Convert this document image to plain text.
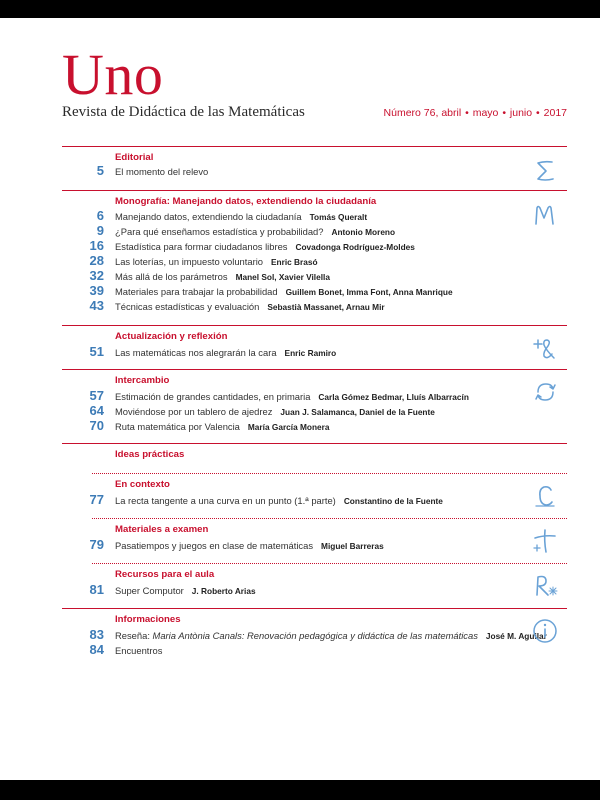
Uno
Revista de Didáctica de las Matemáticas	Número 76, abril • mayo • junio • 2017
Editorial
5 El momento del relevo
Monografía: Manejando datos, extendiendo la ciudadanía
6 Manejando datos, extendiendo la ciudadanía Tomás Queralt
9 ¿Para qué enseñamos estadística y probabilidad? Antonio Moreno
16 Estadística para formar ciudadanos libres Covadonga Rodríguez-Moldes
28 Las loterías, un impuesto voluntario Enric Brasó
32 Más allá de los parámetros Manel Sol, Xavier Vilella
39 Materiales para trabajar la probabilidad Guillem Bonet, Imma Font, Anna Manrique
43 Técnicas estadísticas y evaluación Sebastià Massanet, Arnau Mir
Actualización y reflexión
51 Las matemáticas nos alegrarán la cara Enric Ramiro
Intercambio
57 Estimación de grandes cantidades, en primaria Carla Gómez Bedmar, Lluís Albarracín
64 Moviéndose por un tablero de ajedrez Juan J. Salamanca, Daniel de la Fuente
70 Ruta matemática por Valencia María García Monera
Ideas prácticas
En contexto
77 La recta tangente a una curva en un punto (1.ª parte) Constantino de la Fuente
Materiales a examen
79 Pasatiempos y juegos en clase de matemáticas Miguel Barreras
Recursos para el aula
81 Super Computor J. Roberto Arias
Informaciones
83 Reseña: Maria Antònia Canals: Renovación pedagógica y didáctica de las matemáticas José M. Aguilar
84 Encuentros
